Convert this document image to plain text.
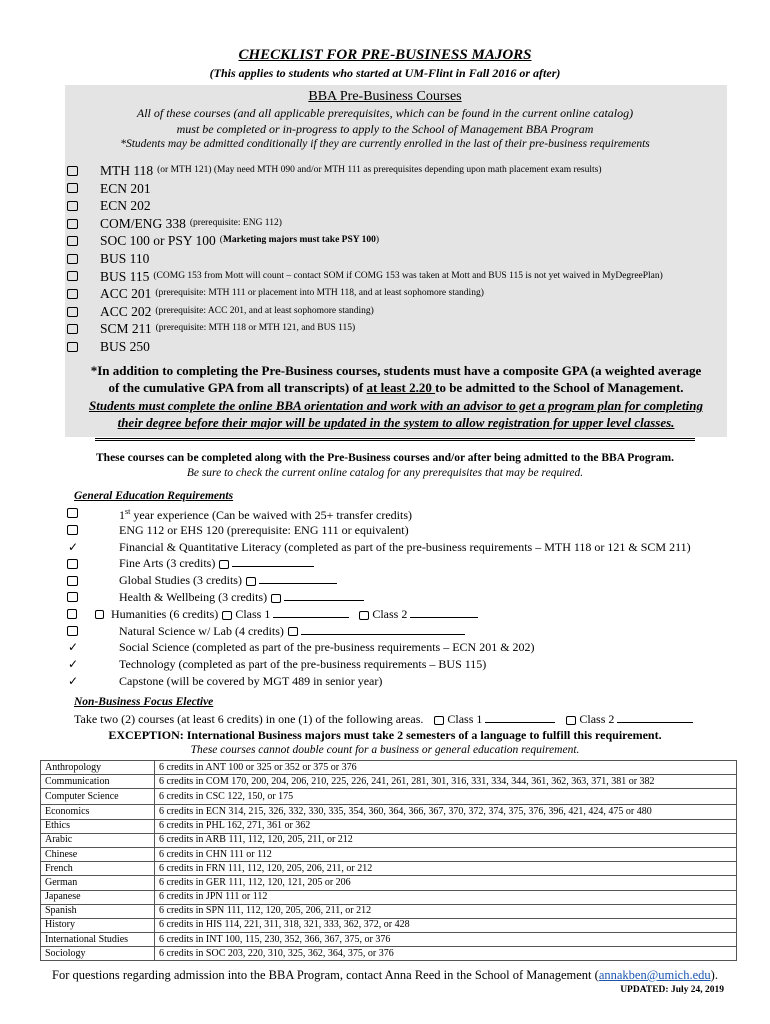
CHECKLIST FOR PRE-BUSINESS MAJORS
(This applies to students who started at UM-Flint in Fall 2016 or after)
BBA Pre-Business Courses
All of these courses (and all applicable prerequisites, which can be found in the current online catalog)
must be completed or in-progress to apply to the School of Management BBA Program
*Students may be admitted conditionally if they are currently enrolled in the last of their pre-business requirements
MTH 118 (or MTH 121) (May need MTH 090 and/or MTH 111 as prerequisites depending upon math placement exam results)
ECN 201
ECN 202
COM/ENG 338 (prerequisite: ENG 112)
SOC 100 or PSY 100 (Marketing majors must take PSY 100)
BUS 110
BUS 115 (COMG 153 from Mott will count – contact SOM if COMG 153 was taken at Mott and BUS 115 is not yet waived in MyDegreePlan)
ACC 201 (prerequisite: MTH 111 or placement into MTH 118, and at least sophomore standing)
ACC 202 (prerequisite: ACC 201, and at least sophomore standing)
SCM 211 (prerequisite: MTH 118 or MTH 121, and BUS 115)
BUS 250
*In addition to completing the Pre-Business courses, students must have a composite GPA (a weighted average
of the cumulative GPA from all transcripts) of at least 2.20 to be admitted to the School of Management.
Students must complete the online BBA orientation and work with an advisor to get a program plan for completing
their degree before their major will be updated in the system to allow registration for upper level classes.
These courses can be completed along with the Pre-Business courses and/or after being admitted to the BBA Program.
Be sure to check the current online catalog for any prerequisites that may be required.
General Education Requirements
1st year experience (Can be waived with 25+ transfer credits)
ENG 112 or EHS 120 (prerequisite: ENG 111 or equivalent)
✓	Financial & Quantitative Literacy (completed as part of the pre-business requirements – MTH 118 or 121 & SCM 211)
Fine Arts (3 credits)
Global Studies (3 credits)
Health & Wellbeing (3 credits)
Humanities (6 credits) Class 1	Class 2
Natural Science w/ Lab (4 credits)
✓	Social Science (completed as part of the pre-business requirements – ECN 201 & 202)
✓	Technology (completed as part of the pre-business requirements – BUS 115)
✓	Capstone (will be covered by MGT 489 in senior year)
Non-Business Focus Elective
Take two (2) courses (at least 6 credits) in one (1) of the following areas. Class 1	Class 2
EXCEPTION: International Business majors must take 2 semesters of a language to fulfill this requirement.
These courses cannot double count for a business or general education requirement.
Anthropology	6 credits in ANT 100 or 325 or 352 or 375 or 376
Communication	6 credits in COM 170, 200, 204, 206, 210, 225, 226, 241, 261, 281, 301, 316, 331, 334, 344, 361, 362, 363, 371, 381 or 382
Computer Science	6 credits in CSC 122, 150, or 175
Economics	6 credits in ECN 314, 215, 326, 332, 330, 335, 354, 360, 364, 366, 367, 370, 372, 374, 375, 376, 396, 421, 424, 475 or 480
Ethics	6 credits in PHL 162, 271, 361 or 362
Arabic	6 credits in ARB 111, 112, 120, 205, 211, or 212
Chinese	6 credits in CHN 111 or 112
French	6 credits in FRN 111, 112, 120, 205, 206, 211, or 212
German	6 credits in GER 111, 112, 120, 121, 205 or 206
Japanese	6 credits in JPN 111 or 112
Spanish	6 credits in SPN 111, 112, 120, 205, 206, 211, or 212
History	6 credits in HIS 114, 221, 311, 318, 321, 333, 362, 372, or 428
International Studies	6 credits in INT 100, 115, 230, 352, 366, 367, 375, or 376
Sociology	6 credits in SOC 203, 220, 310, 325, 362, 364, 375, or 376
For questions regarding admission into the BBA Program, contact Anna Reed in the School of Management (annakben@umich.edu).
UPDATED: July 24, 2019
